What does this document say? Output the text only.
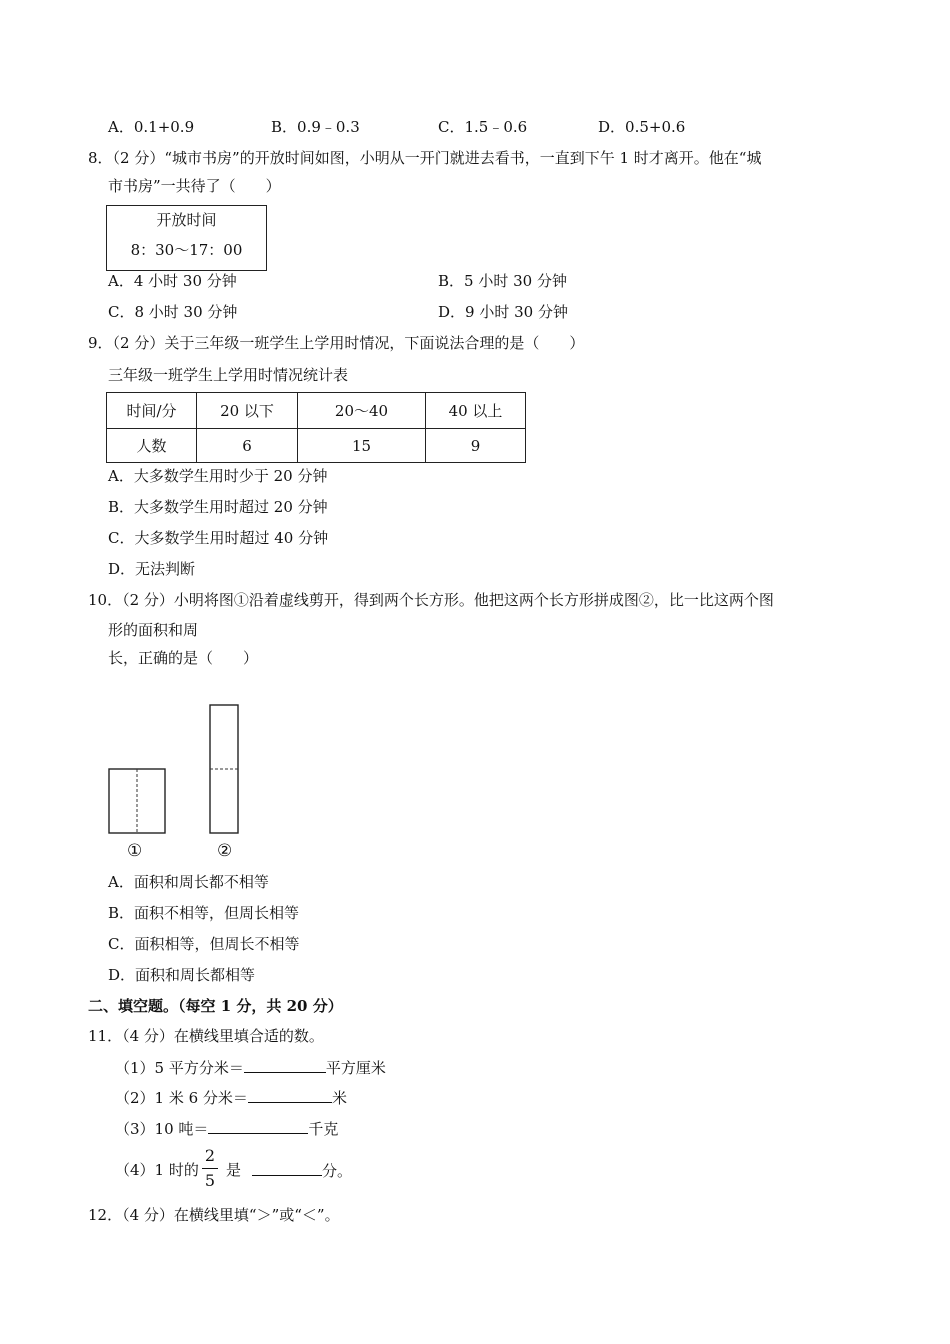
A．0.1+0.9	B．0.9﹣0.3	C．1.5﹣0.6	D．0.5+0.6
8．（2 分）“城市书房”的开放时间如图，小明从一开门就进去看书，一直到下午 1 时才离开。他在“城
市书房”一共待了（　　）
开放时间
8：30～17：00
A．4 小时 30 分钟	B．5 小时 30 分钟
C．8 小时 30 分钟	D．9 小时 30 分钟
9．（2 分）关于三年级一班学生上学用时情况，下面说法合理的是（　　）
三年级一班学生上学用时情况统计表
时间/分	20 以下	20～40	40 以上
人数	6	15	9
A．大多数学生用时少于 20 分钟
B．大多数学生用时超过 20 分钟
C．大多数学生用时超过 40 分钟
D．无法判断
10．（2 分）小明将图①沿着虚线剪开，得到两个长方形。他把这两个长方形拼成图②，比一比这两个图
形的面积和周
长，正确的是（　　）
①	②
A．面积和周长都不相等
B．面积不相等，但周长相等
C．面积相等，但周长不相等
D．面积和周长都相等
二、填空题。（每空 1 分，共 20 分）
11．（4 分）在横线里填合适的数。
（1）5 平方分米＝	平方厘米
（2）1 米 6 分米＝	米
（3）10 吨＝	千克
（4）1 时的
2
5
是	分。
12．（4 分）在横线里填“＞”或“＜”。
